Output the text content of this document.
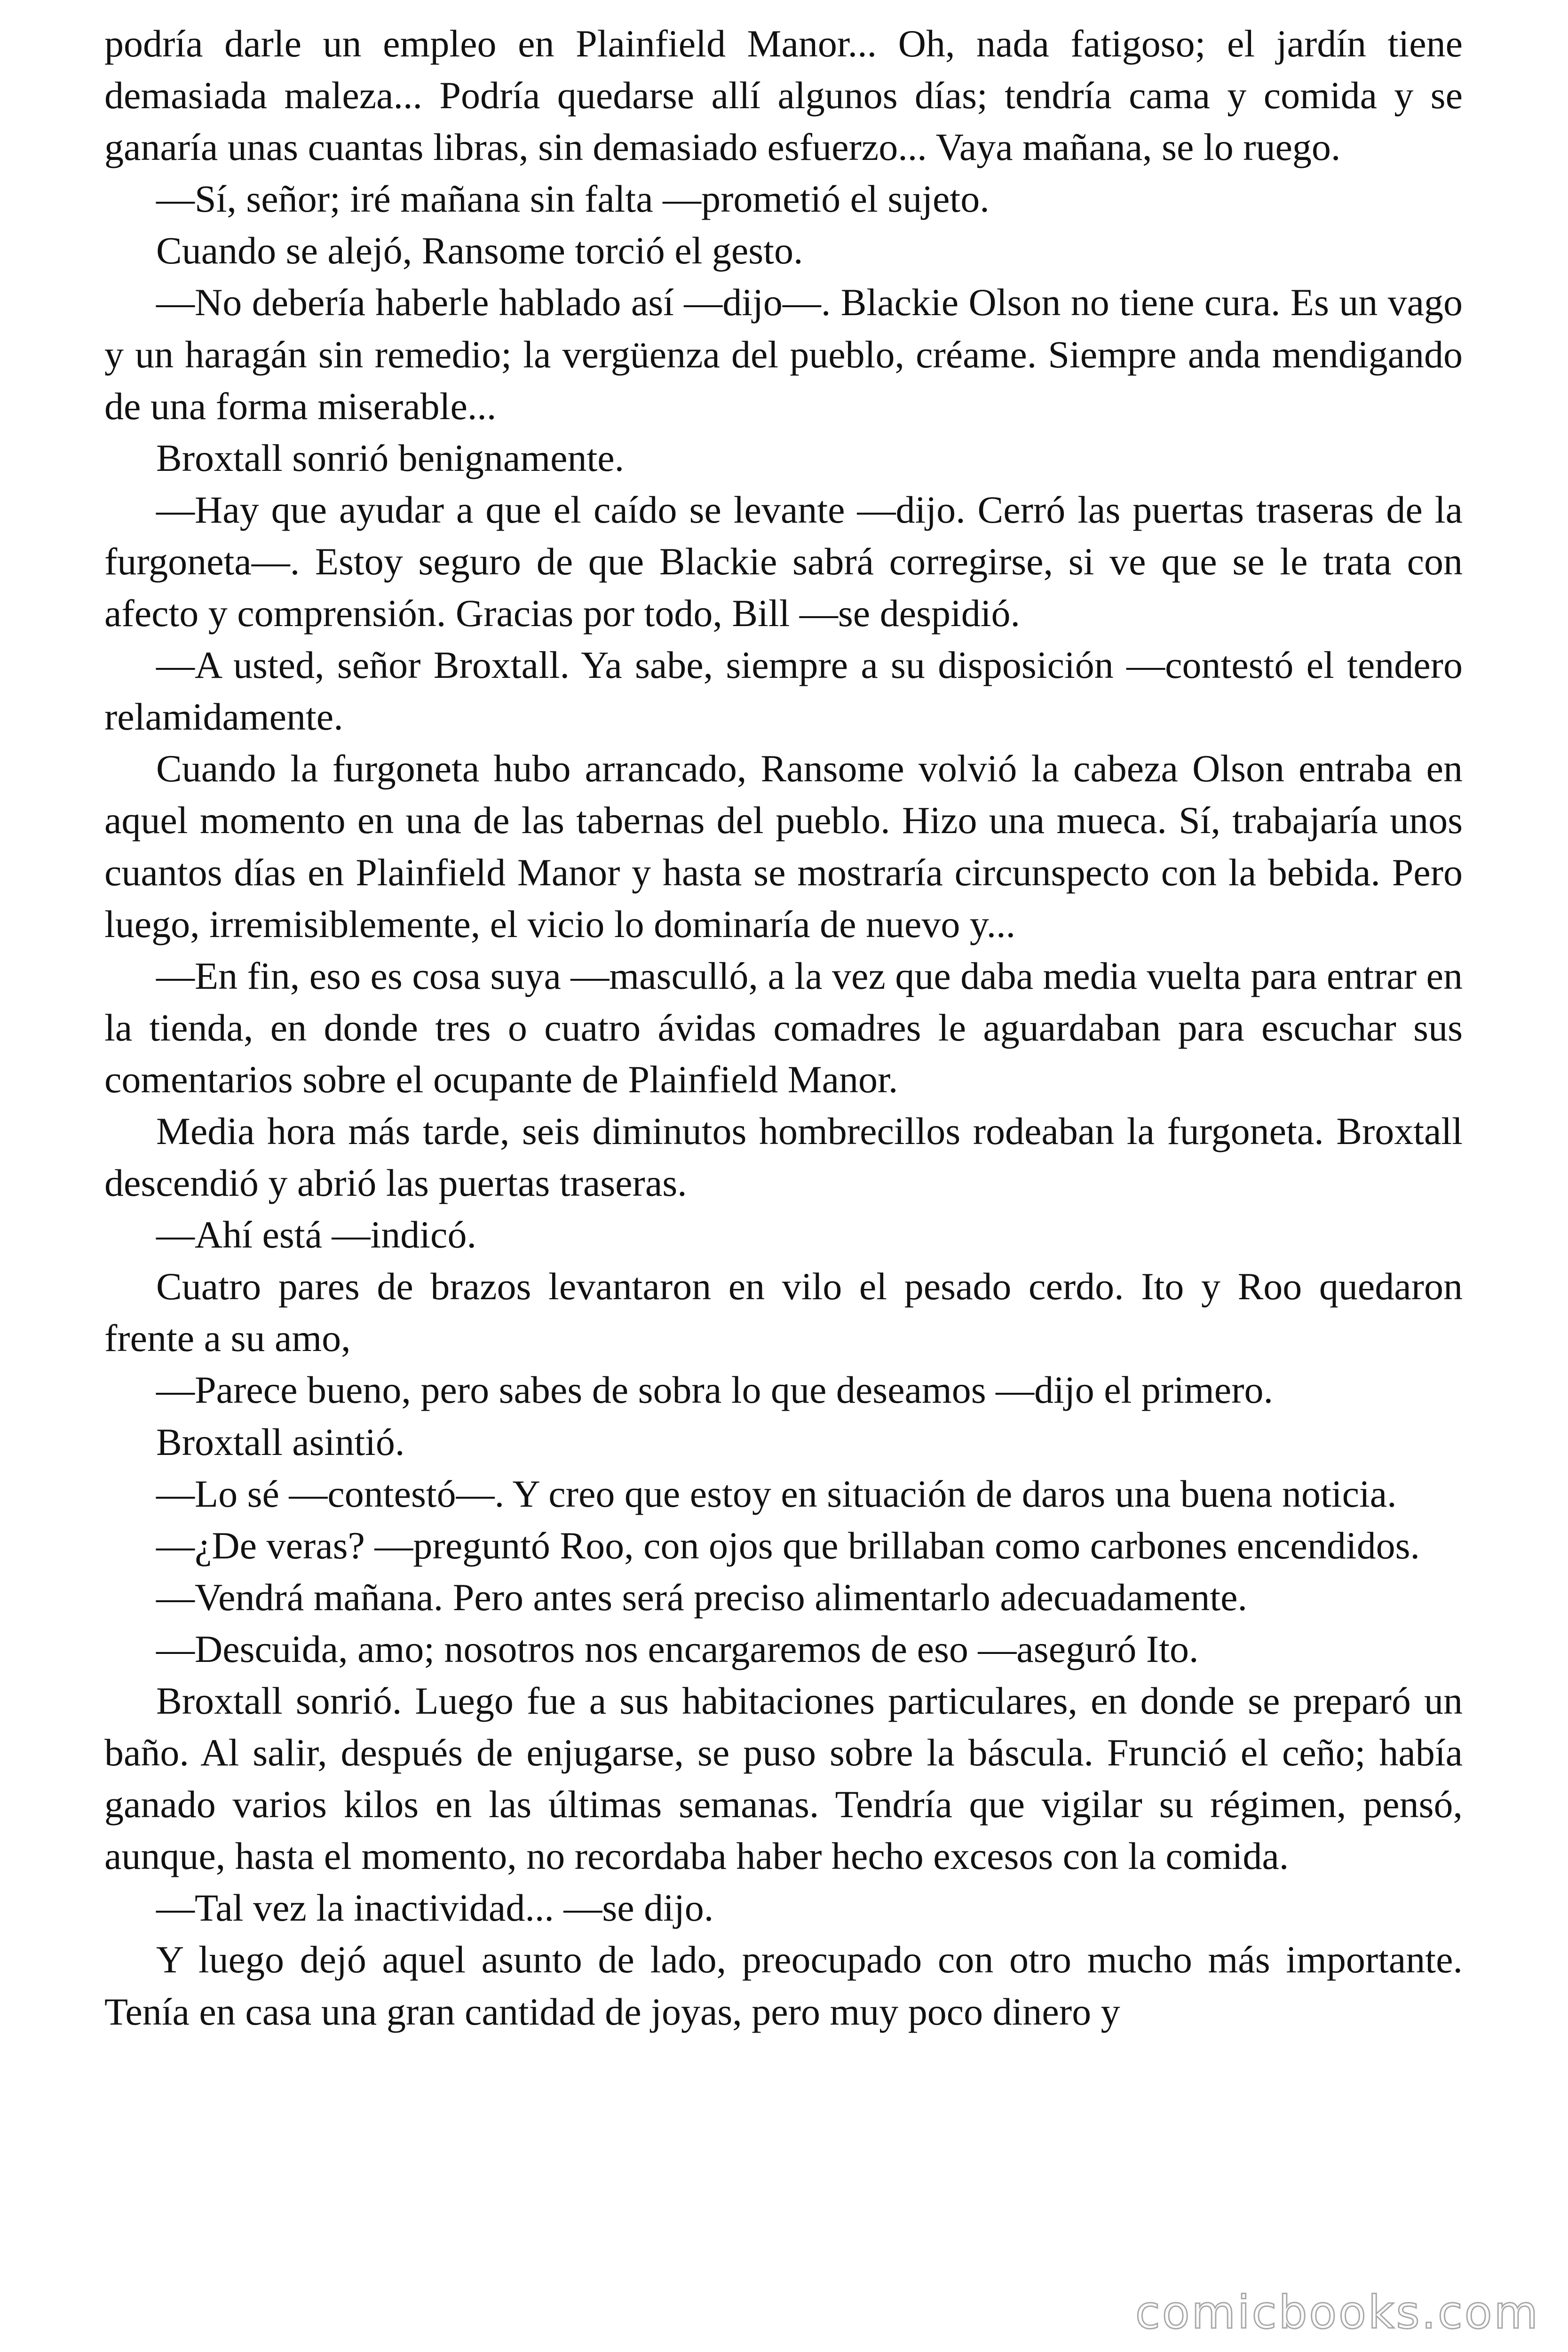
podría darle un empleo en Plainfield Manor... Oh, nada fatigoso; el jardín tiene demasiada maleza... Podría quedarse allí algunos días; tendría cama y comida y se ganaría unas cuantas libras, sin demasiado esfuerzo... Vaya mañana, se lo ruego.

—Sí, señor; iré mañana sin falta —prometió el sujeto.

Cuando se alejó, Ransome torció el gesto.

—No debería haberle hablado así —dijo—. Blackie Olson no tiene cura. Es un vago y un haragán sin remedio; la vergüenza del pueblo, créame. Siempre anda mendigando de una forma miserable...

Broxtall sonrió benignamente.

—Hay que ayudar a que el caído se levante —dijo. Cerró las puertas traseras de la furgoneta—. Estoy seguro de que Blackie sabrá corregirse, si ve que se le trata con afecto y comprensión. Gracias por todo, Bill —se despidió.

—A usted, señor Broxtall. Ya sabe, siempre a su disposición —contestó el tendero relamidamente.

Cuando la furgoneta hubo arrancado, Ransome volvió la cabeza Olson entraba en aquel momento en una de las tabernas del pueblo. Hizo una mueca. Sí, trabajaría unos cuantos días en Plainfield Manor y hasta se mostraría circunspecto con la bebida. Pero luego, irremisiblemente, el vicio lo dominaría de nuevo y...

—En fin, eso es cosa suya —masculló, a la vez que daba media vuelta para entrar en la tienda, en donde tres o cuatro ávidas comadres le aguardaban para escuchar sus comentarios sobre el ocupante de Plainfield Manor.

Media hora más tarde, seis diminutos hombrecillos rodeaban la furgoneta. Broxtall descendió y abrió las puertas traseras.

—Ahí está —indicó.

Cuatro pares de brazos levantaron en vilo el pesado cerdo. Ito y Roo quedaron frente a su amo,

—Parece bueno, pero sabes de sobra lo que deseamos —dijo el primero.

Broxtall asintió.

—Lo sé —contestó—. Y creo que estoy en situación de daros una buena noticia.

—¿De veras? —preguntó Roo, con ojos que brillaban como carbones encendidos.

—Vendrá mañana. Pero antes será preciso alimentarlo adecuadamente.

—Descuida, amo; nosotros nos encargaremos de eso —aseguró Ito.

Broxtall sonrió. Luego fue a sus habitaciones particulares, en donde se preparó un baño. Al salir, después de enjugarse, se puso sobre la báscula. Frunció el ceño; había ganado varios kilos en las últimas semanas. Tendría que vigilar su régimen, pensó, aunque, hasta el momento, no recordaba haber hecho excesos con la comida.

—Tal vez la inactividad... —se dijo.

Y luego dejó aquel asunto de lado, preocupado con otro mucho más importante. Tenía en casa una gran cantidad de joyas, pero muy poco dinero y

comicbooks.com
